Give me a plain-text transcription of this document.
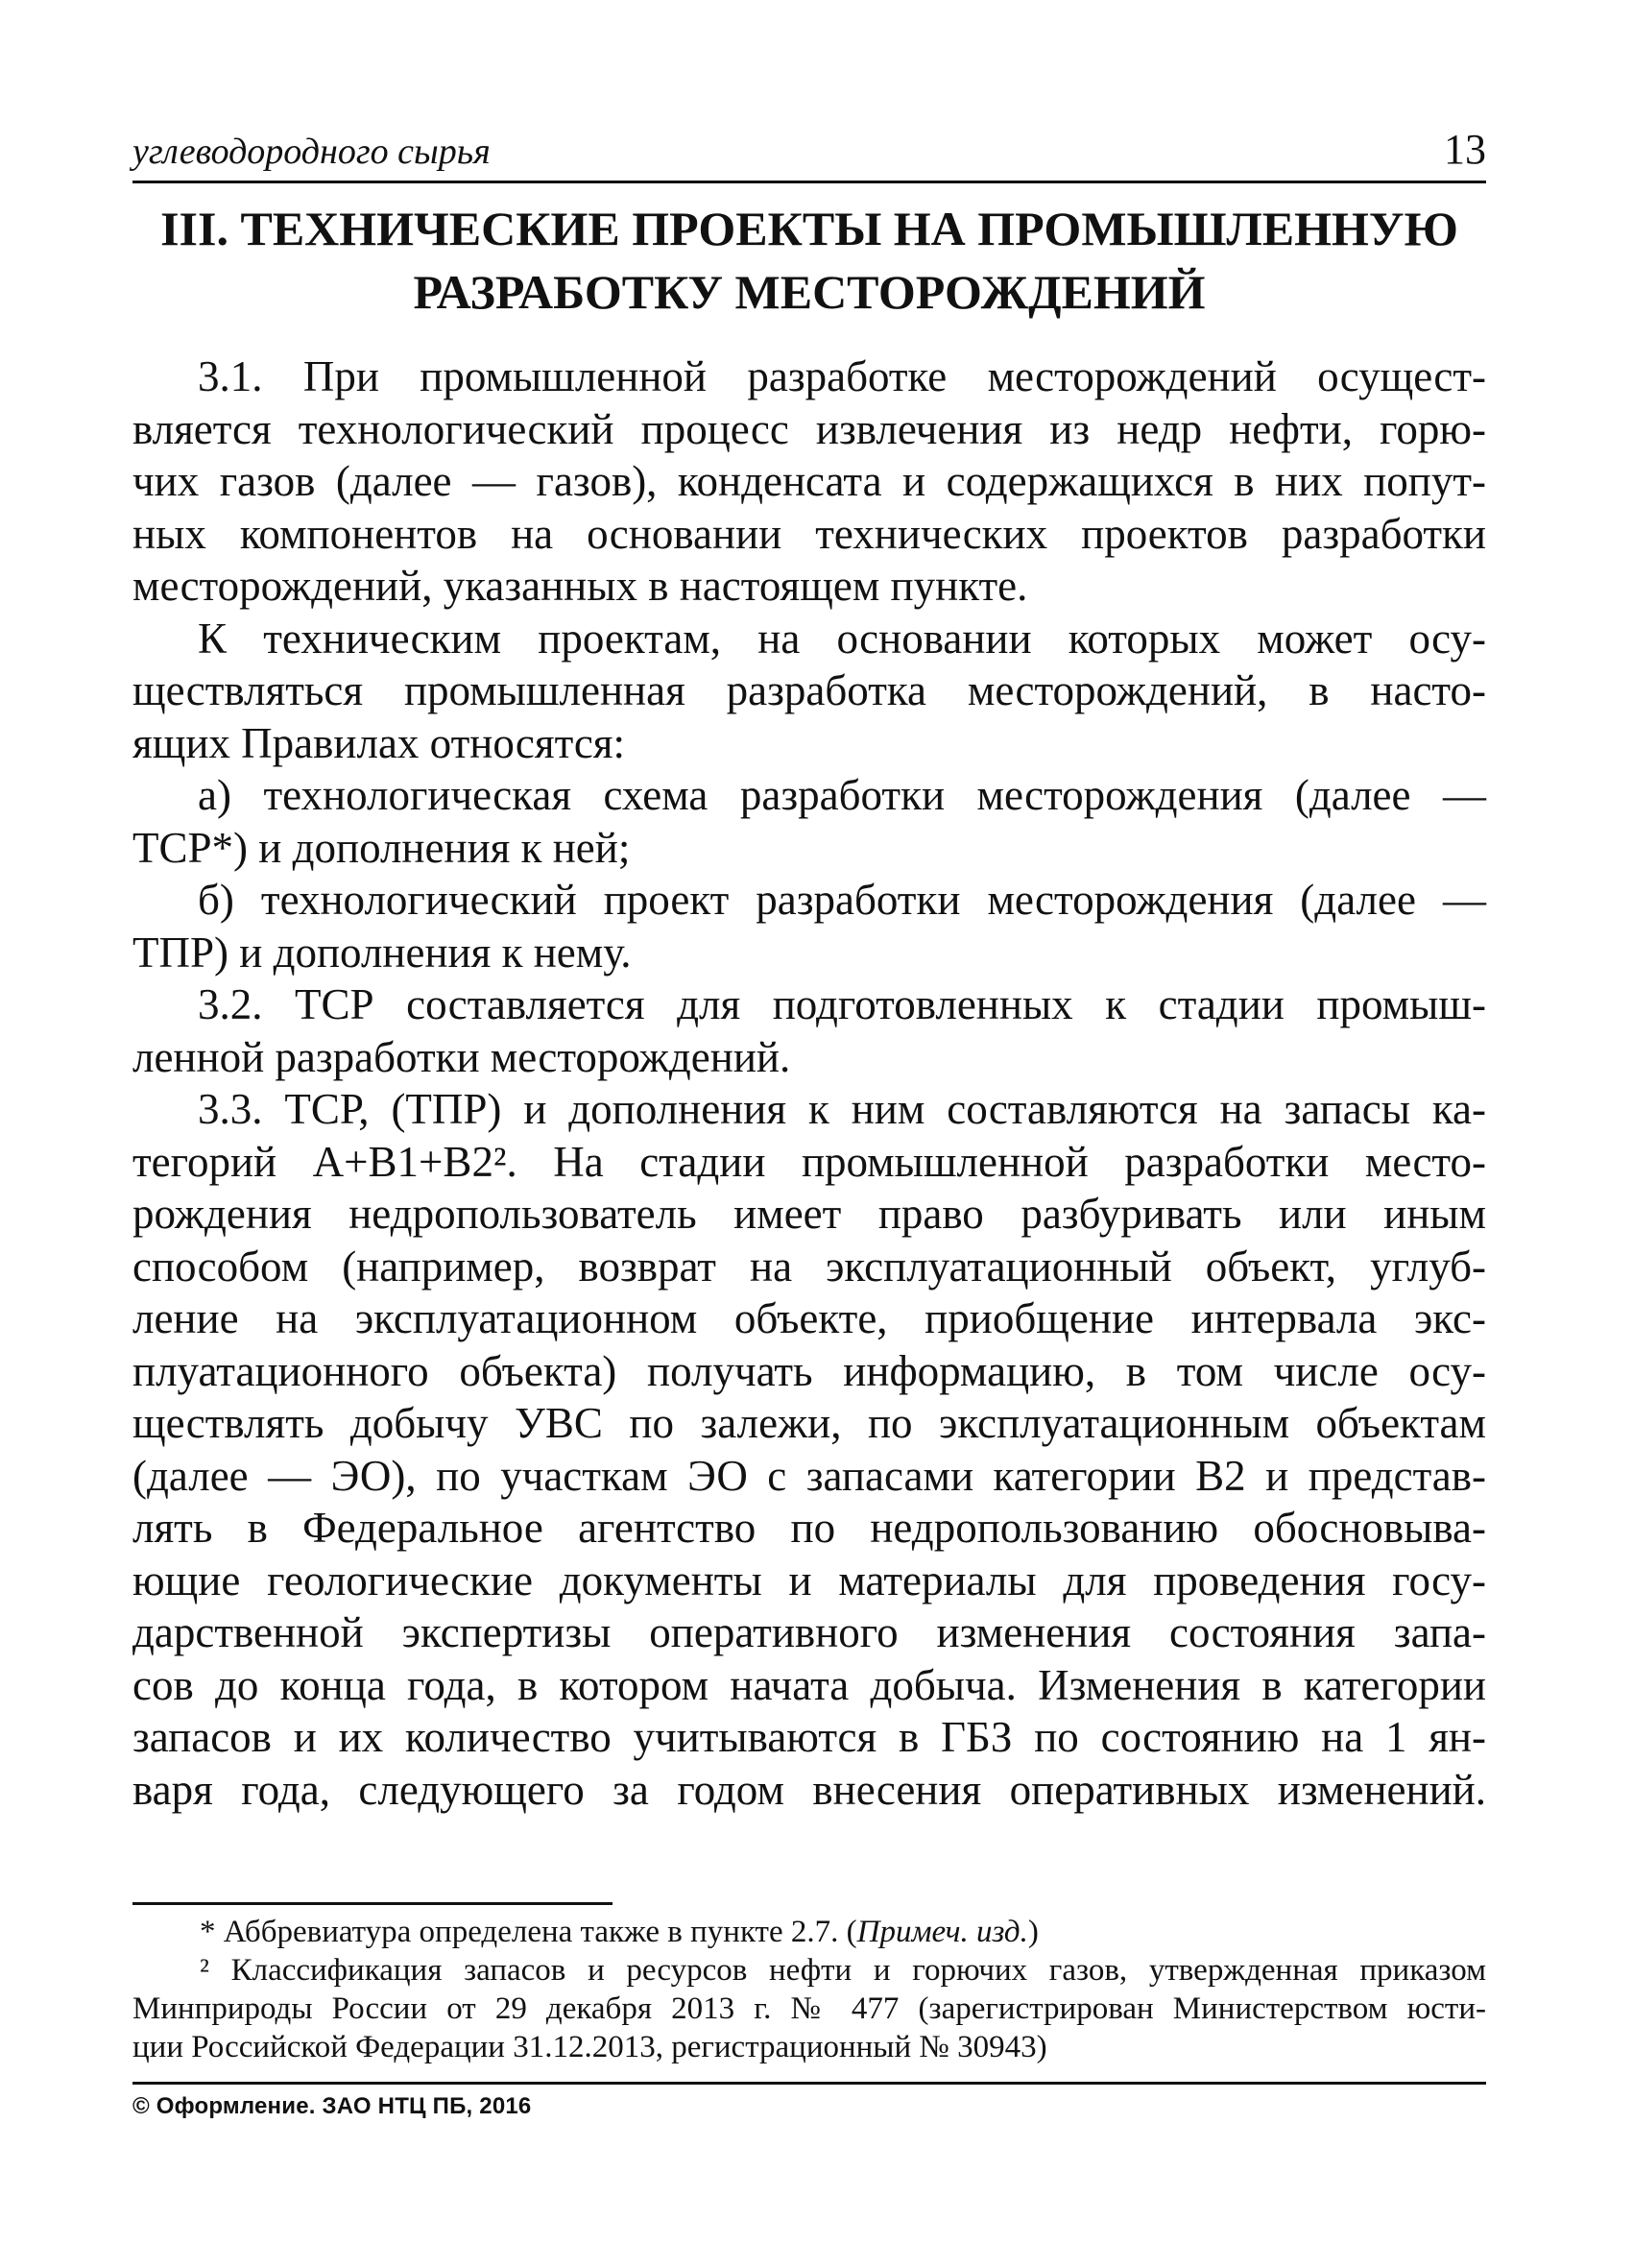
углеводородного сырья	13
III. ТЕХНИЧЕСКИЕ ПРОЕКТЫ НА ПРОМЫШЛЕННУЮ
РАЗРАБОТКУ МЕСТОРОЖДЕНИЙ
3.1. При промышленной разработке месторождений осущест-
вляется технологический процесс извлечения из недр нефти, горю-
чих газов (далее — газов), конденсата и содержащихся в них попут-
ных компонентов на основании технических проектов разработки
месторождений, указанных в настоящем пункте.
К техническим проектам, на основании которых может осу-
ществляться промышленная разработка месторождений, в насто-
ящих Правилах относятся:
а) технологическая схема разработки месторождения (далее —
ТСР*) и дополнения к ней;
б) технологический проект разработки месторождения (далее —
ТПР) и дополнения к нему.
3.2. ТСР составляется для подготовленных к стадии промыш-
ленной разработки месторождений.
3.3. ТСР, (ТПР) и дополнения к ним составляются на запасы ка-
тегорий А+В1+В2². На стадии промышленной разработки место-
рождения недропользователь имеет право разбуривать или иным
способом (например, возврат на эксплуатационный объект, углуб-
ление на эксплуатационном объекте, приобщение интервала экс-
плуатационного объекта) получать информацию, в том числе осу-
ществлять добычу УВС по залежи, по эксплуатационным объектам
(далее — ЭО), по участкам ЭО с запасами категории В2 и представ-
лять в Федеральное агентство по недропользованию обосновыва-
ющие геологические документы и материалы для проведения госу-
дарственной экспертизы оперативного изменения состояния запа-
сов до конца года, в котором начата добыча. Изменения в категории
запасов и их количество учитываются в ГБЗ по состоянию на 1 ян-
варя года, следующего за годом внесения оперативных изменений.
* Аббревиатура определена также в пункте 2.7. (Примеч. изд.)
² Классификация запасов и ресурсов нефти и горючих газов, утвержденная приказом
Минприроды России от 29 декабря 2013 г. № 477 (зарегистрирован Министерством юсти-
ции Российской Федерации 31.12.2013, регистрационный № 30943)
© Оформление. ЗАО НТЦ ПБ, 2016
